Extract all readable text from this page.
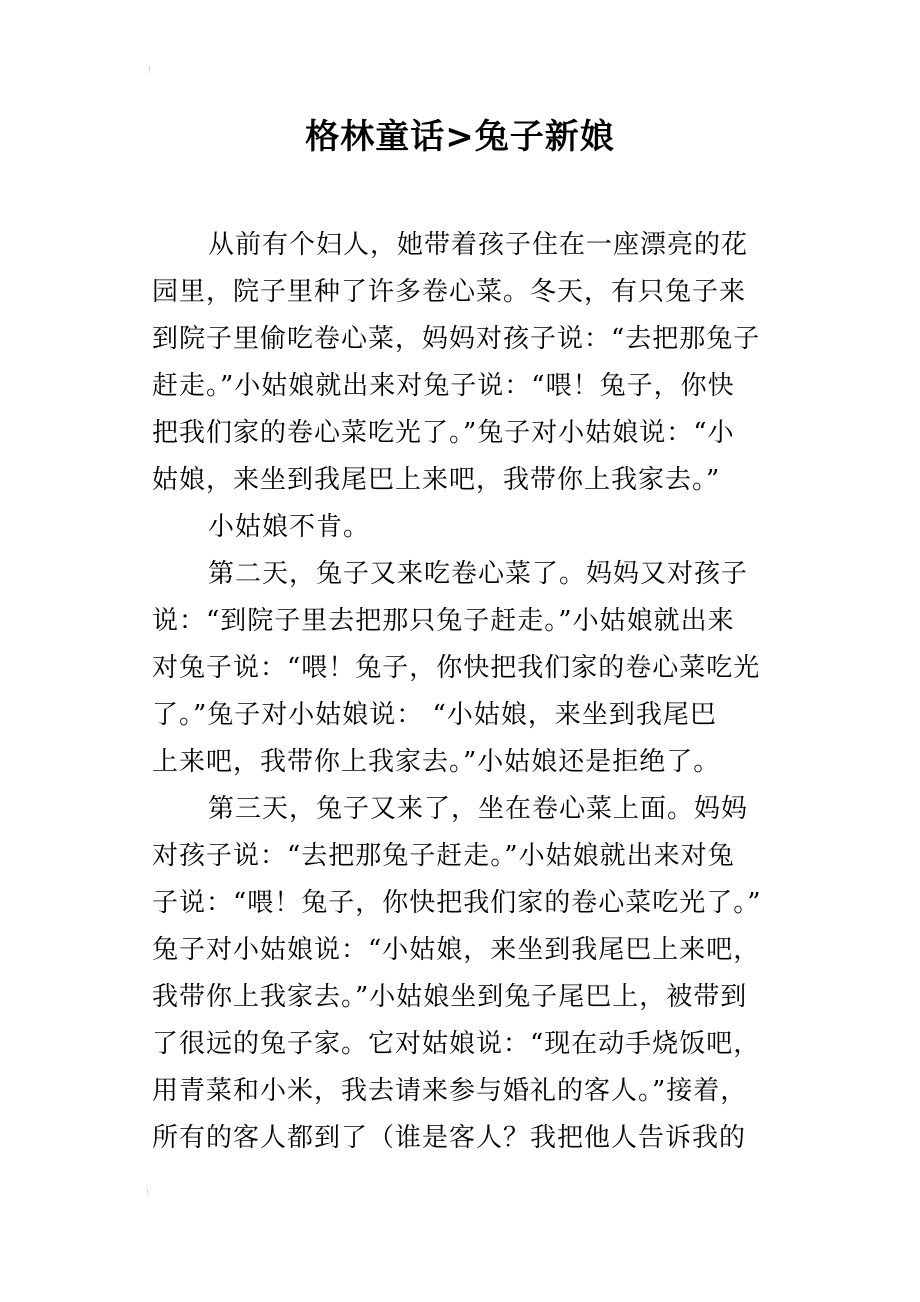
⁝
格林童话>兔子新娘

从前有个妇人，她带着孩子住在一座漂亮的花
园里，院子里种了许多卷心菜。冬天，有只兔子来
到院子里偷吃卷心菜，妈妈对孩子说：“去把那兔子
赶走。”小姑娘就出来对兔子说：“喂！兔子，你快
把我们家的卷心菜吃光了。”兔子对小姑娘说：“小
姑娘，来坐到我尾巴上来吧，我带你上我家去。”

小姑娘不肯。

第二天，兔子又来吃卷心菜了。妈妈又对孩子
说：“到院子里去把那只兔子赶走。”小姑娘就出来
对兔子说：“喂！兔子，你快把我们家的卷心菜吃光
了。”兔子对小姑娘说： “小姑娘，来坐到我尾巴
上来吧，我带你上我家去。”小姑娘还是拒绝了。

第三天，兔子又来了，坐在卷心菜上面。妈妈
对孩子说：“去把那兔子赶走。”小姑娘就出来对兔
子说：“喂！兔子，你快把我们家的卷心菜吃光了。”
兔子对小姑娘说：“小姑娘，来坐到我尾巴上来吧，
我带你上我家去。”小姑娘坐到兔子尾巴上，被带到
了很远的兔子家。它对姑娘说：“现在动手烧饭吧，
用青菜和小米，我去请来参与婚礼的客人。”接着，
所有的客人都到了（谁是客人？我把他人告诉我的

⁝
